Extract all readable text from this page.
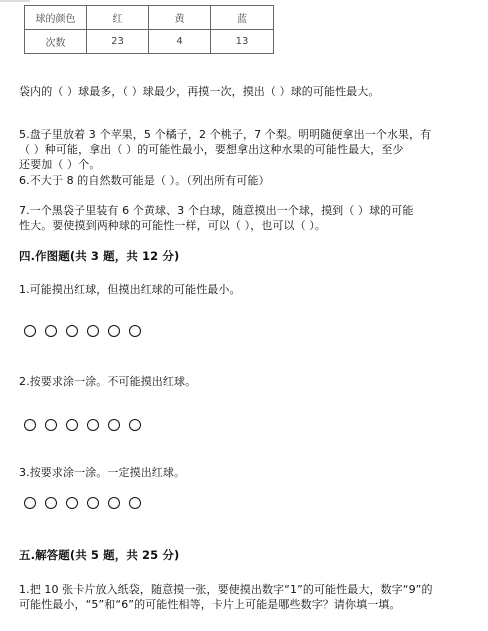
球的颜色	红	黄	蓝
次数	23	4	13
袋内的（ ）球最多，（ ）球最少，再摸一次，摸出（ ）球的可能性最大。
5.盘子里放着 3 个苹果，5 个橘子，2 个桃子，7 个梨。明明随便拿出一个水果，有
（ ）种可能，拿出（ ）的可能性最小，要想拿出这种水果的可能性最大，至少
还要加（ ）个。
6.不大于 8 的自然数可能是（ ）。（列出所有可能）
7.一个黑袋子里装有 6 个黄球、3 个白球，随意摸出一个球，摸到（ ）球的可能
性大。要使摸到两种球的可能性一样，可以（ ），也可以（ ）。
四.作图题(共 3 题，共 12 分)
1.可能摸出红球，但摸出红球的可能性最小。
2.按要求涂一涂。不可能摸出红球。
3.按要求涂一涂。一定摸出红球。
五.解答题(共 5 题，共 25 分)
1.把 10 张卡片放入纸袋，随意摸一张，要使摸出数字“1”的可能性最大，数字“9”的
可能性最小，“5”和“6”的可能性相等，卡片上可能是哪些数字？请你填一填。
